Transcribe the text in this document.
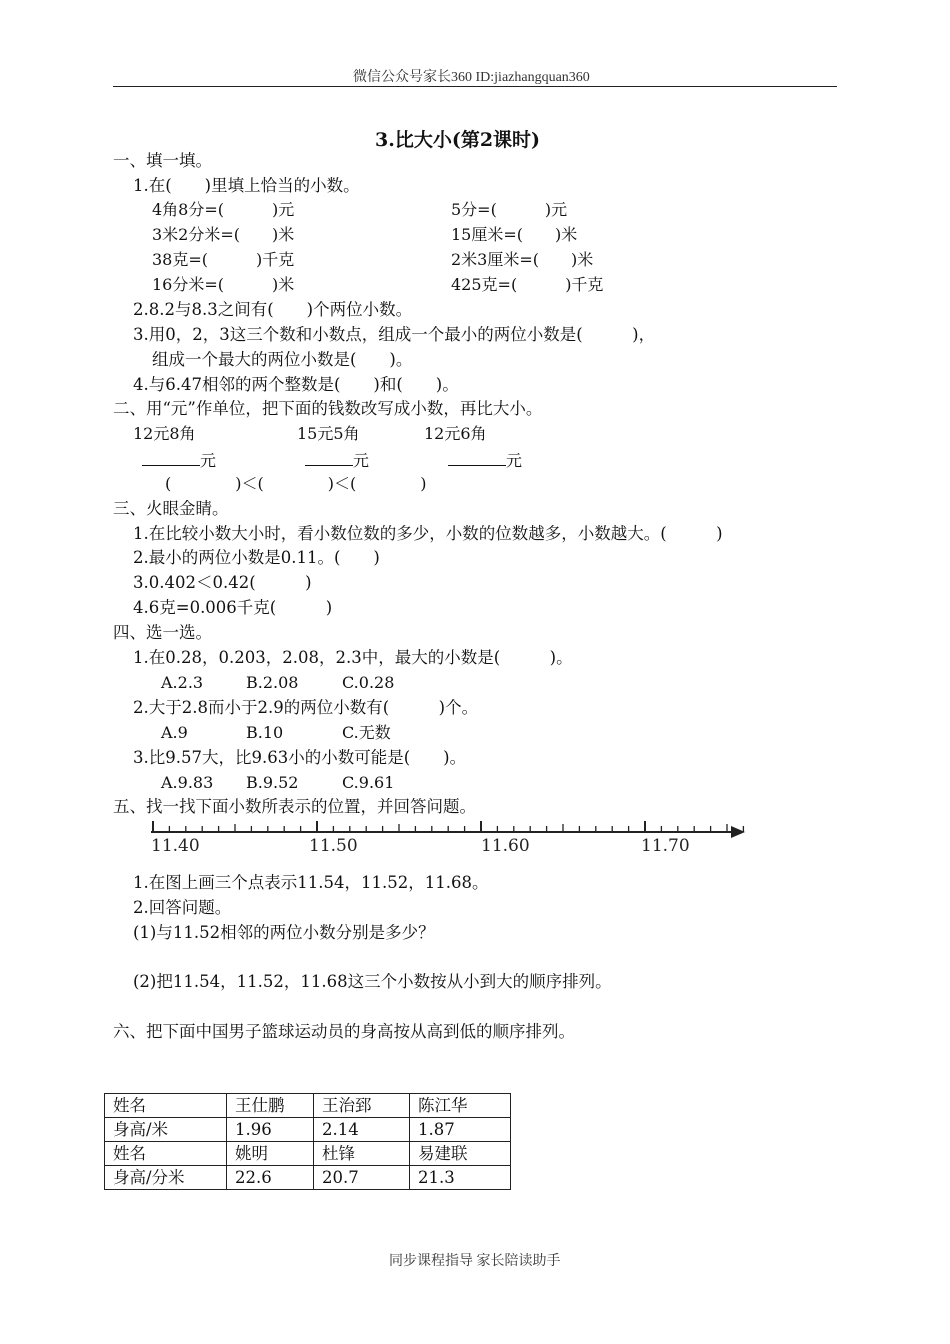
微信公众号家长360 ID:jiazhangquan360
3.比大小(第2课时)
一、填一填。
1.在(　　)里填上恰当的小数。
4角8分=(　　　)元	5分=(　　　)元
3米2分米=(　　)米	15厘米=(　　)米
38克=(　　　)千克	2米3厘米=(　　)米
16分米=(　　　)米	425克=(　　　)千克
2.8.2与8.3之间有(　　)个两位小数。
3.用0，2，3这三个数和小数点，组成一个最小的两位小数是(　　　)，
组成一个最大的两位小数是(　　)。
4.与6.47相邻的两个整数是(　　)和(　　)。
二、用“元”作单位，把下面的钱数改写成小数，再比大小。
12元8角	15元5角	12元6角
元	元	元
(　　　　)＜(　　　　)＜(　　　　)
三、火眼金睛。
1.在比较小数大小时，看小数位数的多少，小数的位数越多，小数越大。(　　　)
2.最小的两位小数是0.11。(　　)
3.0.402＜0.42(　　　)
4.6克=0.006千克(　　　)
四、选一选。
1.在0.28，0.203，2.08，2.3中，最大的小数是(　　　)。
A.2.3	B.2.08	C.0.28
2.大于2.8而小于2.9的两位小数有(　　　)个。
A.9	B.10	C.无数
3.比9.57大，比9.63小的小数可能是(　　)。
A.9.83 B.9.52	C.9.61
五、找一找下面小数所表示的位置，并回答问题。
11.40	11.50	11.60	11.70
1.在图上画三个点表示11.54，11.52，11.68。
2.回答问题。
(1)与11.52相邻的两位小数分别是多少？
(2)把11.54，11.52，11.68这三个小数按从小到大的顺序排列。
六、把下面中国男子篮球运动员的身高按从高到低的顺序排列。
姓名	王仕鹏	王治郅	陈江华
身高/米	1.96	2.14	1.87
姓名	姚明	杜锋	易建联
身高/分米	22.6	20.7	21.3
同步课程指导 家长陪读助手
